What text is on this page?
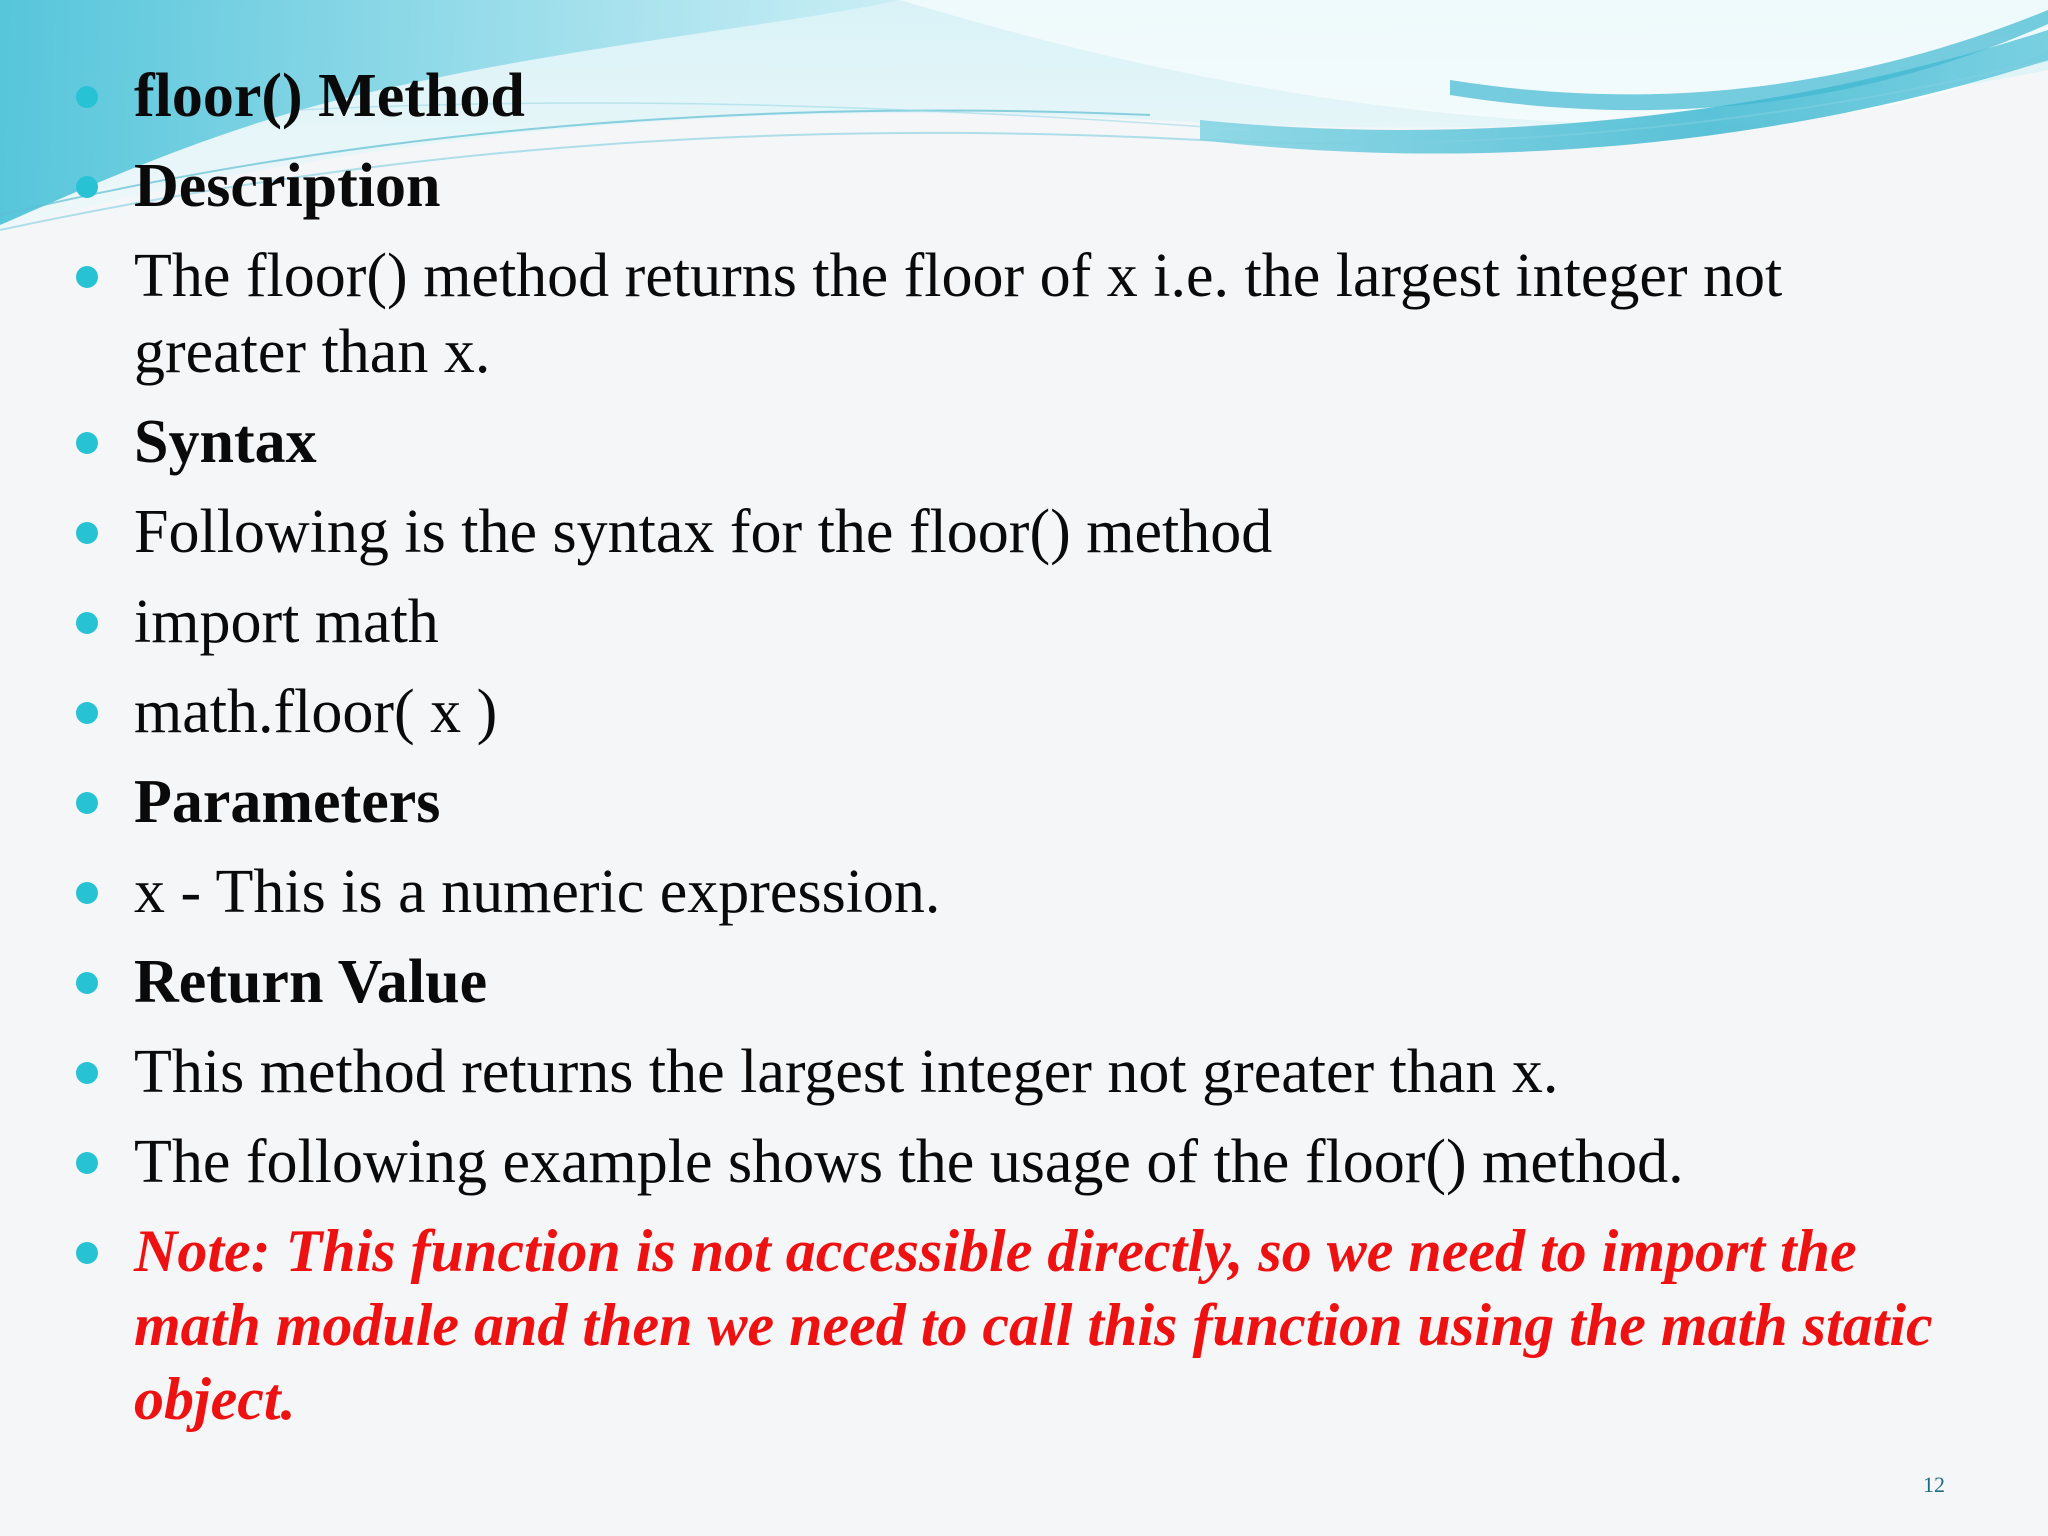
floor() Method
Description
The floor() method returns the floor of x i.e. the largest integer not greater than x.
Syntax
Following is the syntax for the floor() method
import math
math.floor( x )
Parameters
x - This is a numeric expression.
Return Value
This method returns the largest integer not greater than x.
The following example shows the usage of the floor() method.
Note: This function is not accessible directly, so we need to import the math module and then we need to call this function using the math static object.
12
